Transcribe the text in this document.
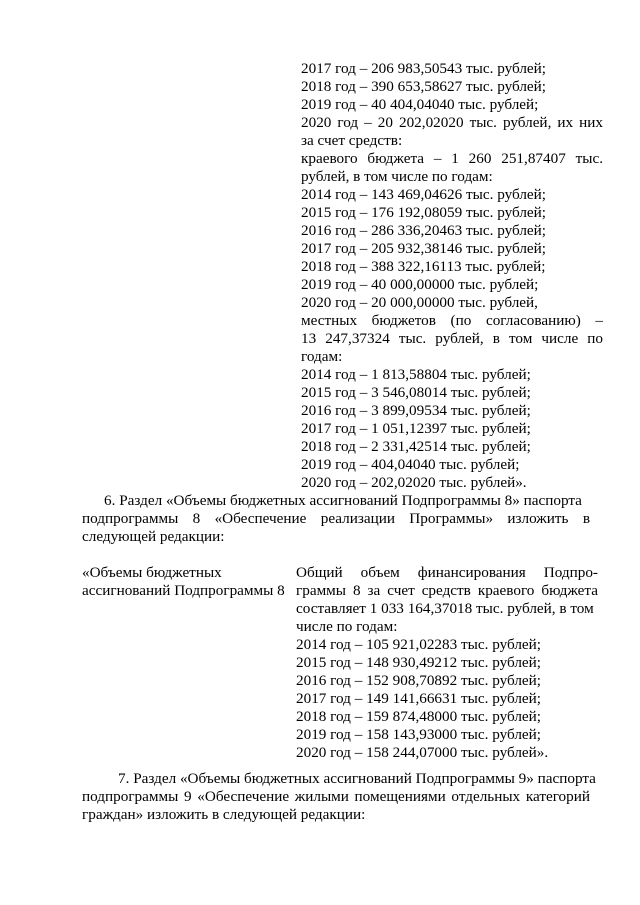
2017 год – 206 983,50543 тыс. рублей;
2018 год – 390 653,58627 тыс. рублей;
2019 год – 40 404,04040 тыс. рублей;
2020 год – 20 202,02020 тыс. рублей, их них
за счет средств:
краевого бюджета – 1 260 251,87407 тыс.
рублей, в том числе по годам:
2014 год – 143 469,04626 тыс. рублей;
2015 год – 176 192,08059 тыс. рублей;
2016 год – 286 336,20463 тыс. рублей;
2017 год – 205 932,38146 тыс. рублей;
2018 год – 388 322,16113 тыс. рублей;
2019 год – 40 000,00000 тыс. рублей;
2020 год – 20 000,00000 тыс. рублей,
местных бюджетов (по согласованию) –
13 247,37324 тыс. рублей, в том числе по
годам:
2014 год – 1 813,58804 тыс. рублей;
2015 год – 3 546,08014 тыс. рублей;
2016 год – 3 899,09534 тыс. рублей;
2017 год – 1 051,12397 тыс. рублей;
2018 год – 2 331,42514 тыс. рублей;
2019 год – 404,04040 тыс. рублей;
2020 год – 202,02020 тыс. рублей».
6. Раздел «Объемы бюджетных ассигнований Подпрограммы 8» паспорта
подпрограммы 8 «Обеспечение реализации Программы» изложить в
следующей редакции:
«Объемы бюджетных
ассигнований Подпрограммы 8
Общий объем финансирования Подпро-
граммы 8 за счет средств краевого бюджета
составляет 1 033 164,37018 тыс. рублей, в том
числе по годам:
2014 год – 105 921,02283 тыс. рублей;
2015 год – 148 930,49212 тыс. рублей;
2016 год – 152 908,70892 тыс. рублей;
2017 год – 149 141,66631 тыс. рублей;
2018 год – 159 874,48000 тыс. рублей;
2019 год – 158 143,93000 тыс. рублей;
2020 год – 158 244,07000 тыс. рублей».
7. Раздел «Объемы бюджетных ассигнований Подпрограммы 9» паспорта
подпрограммы 9 «Обеспечение жилыми помещениями отдельных категорий
граждан» изложить в следующей редакции:
